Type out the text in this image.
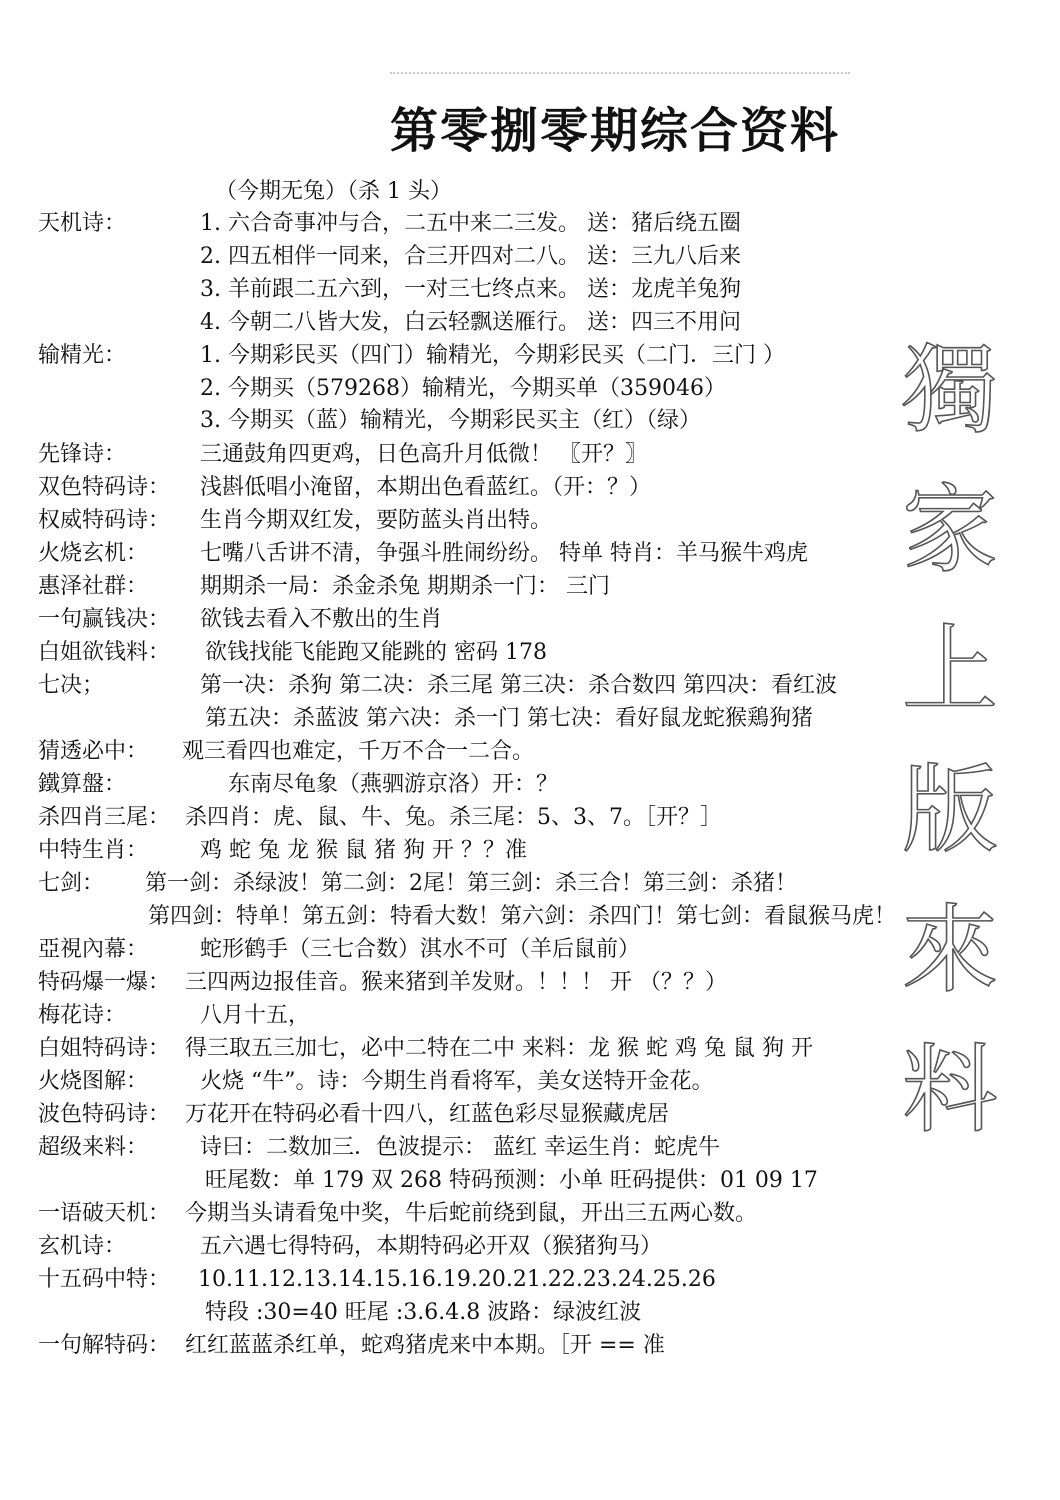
第零捌零期综合资料
（今期无兔）（杀 1 头）
天机诗：	1. 六合奇事冲与合，二五中来二三发。 送：猪后绕五圈
2. 四五相伴一同来，合三开四对二八。 送：三九八后来
3. 羊前跟二五六到，一对三七终点来。 送：龙虎羊兔狗
4. 今朝二八皆大发，白云轻飘送雁行。 送：四三不用问
输精光：	1. 今期彩民买（四门）输精光，今期彩民买（二门．三门 ）
2. 今期买（579268）输精光，今期买单（359046）
3. 今期买（蓝）输精光，今期彩民买主（红）（绿）
先锋诗：	三通鼓角四更鸡，日色高升月低微！ 〖开？〗
双色特码诗： 浅斟低唱小淹留，本期出色看蓝红。（开：？）
权威特码诗： 生肖今期双红发，要防蓝头肖出特。
火烧玄机： 七嘴八舌讲不清，争强斗胜闹纷纷。 特单 特肖：羊马猴牛鸡虎
惠泽社群： 期期杀一局：杀金杀兔 期期杀一门： 三门
一句赢钱决： 欲钱去看入不敷出的生肖
白姐欲钱料： 欲钱找能飞能跑又能跳的 密码 178
七决；	第一决：杀狗 第二决：杀三尾 第三决：杀合数四 第四决：看红波
第五决：杀蓝波 第六决：杀一门 第七决：看好鼠龙蛇猴鶏狗猪
猜透必中： 观三看四也难定，千万不合一二合。
鐵算盤：	东南尽龟象（燕驷游京洛）开：？
杀四肖三尾： 杀四肖：虎、鼠、牛、兔。杀三尾：5、3、7。［开？］
中特生肖： 鸡 蛇 兔 龙 猴 鼠 猪 狗 开 ？？准
七剑： 第一剑：杀绿波！第二剑：2尾！第三剑：杀三合！第三剑：杀猪！
第四剑：特单！第五剑：特看大数！第六剑：杀四门！第七剑：看鼠猴马虎！
亞視內幕： 蛇形鹤手（三七合数）淇水不可（羊后鼠前）
特码爆一爆： 三四两边报佳音。猴来猪到羊发财。！！！ 开 （？？）
梅花诗：	八月十五，
白姐特码诗： 得三取五三加七，必中二特在二中 来料：龙 猴 蛇 鸡 兔 鼠 狗 开
火烧图解： 火烧 “牛”。诗：今期生肖看将军，美女送特开金花。
波色特码诗： 万花开在特码必看十四八，红蓝色彩尽显猴藏虎居
超级来料： 诗曰：二数加三．色波提示： 蓝红 幸运生肖：蛇虎牛
旺尾数：单 179 双 268 特码预测：小单 旺码提供：01 09 17
一语破天机： 今期当头请看兔中奖，牛后蛇前绕到鼠，开出三五两心数。
玄机诗：	五六遇七得特码，本期特码必开双（猴猪狗马）
十五码中特： 10.11.12.13.14.15.16.19.20.21.22.23.24.25.26
特段 :30=40 旺尾 :3.6.4.8 波路：绿波红波
一句解特码： 红红蓝蓝杀红单，蛇鸡猪虎来中本期。［开 == 准
獨
家
上
版
來
料
